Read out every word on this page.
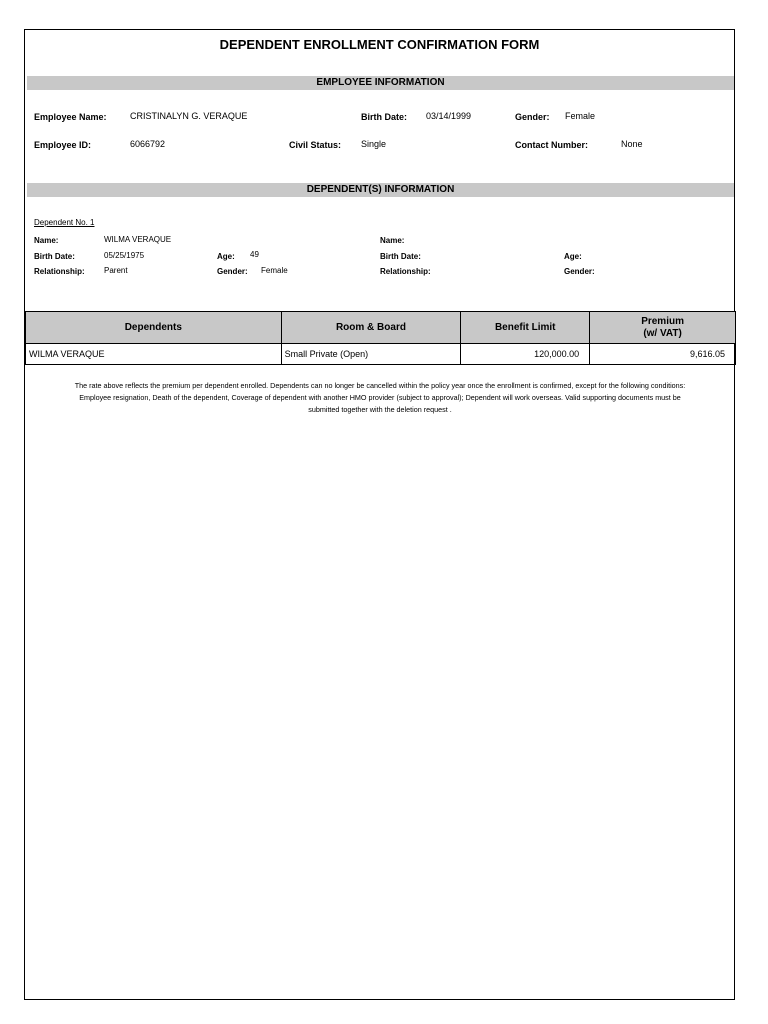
DEPENDENT ENROLLMENT CONFIRMATION FORM
EMPLOYEE INFORMATION
Employee Name:	CRISTINALYN G. VERAQUE	Birth Date: 03/14/1999	Gender: Female
Employee ID:	6066792	Civil Status: Single	Contact Number:	None
DEPENDENT(S) INFORMATION
Dependent No. 1
Name:	WILMA VERAQUE
Birth Date:	05/25/1975	Age: 49
Relationship: Parent	Gender: Female
Name:
Birth Date:
Relationship:
Age:
Gender:
Dependents	Room & Board	Benefit Limit	Premium
(w/ VAT)
WILMA VERAQUE	Small Private (Open)	120,000.00	9,616.05
The rate above reflects the premium per dependent enrolled. Dependents can no longer be cancelled within the policy year once the enrollment is confirmed, except for the following conditions: Employee resignation, Death of the dependent, Coverage of dependent with another HMO provider (subject to approval); Dependent will work overseas. Valid supporting documents must be submitted together with the deletion request .
